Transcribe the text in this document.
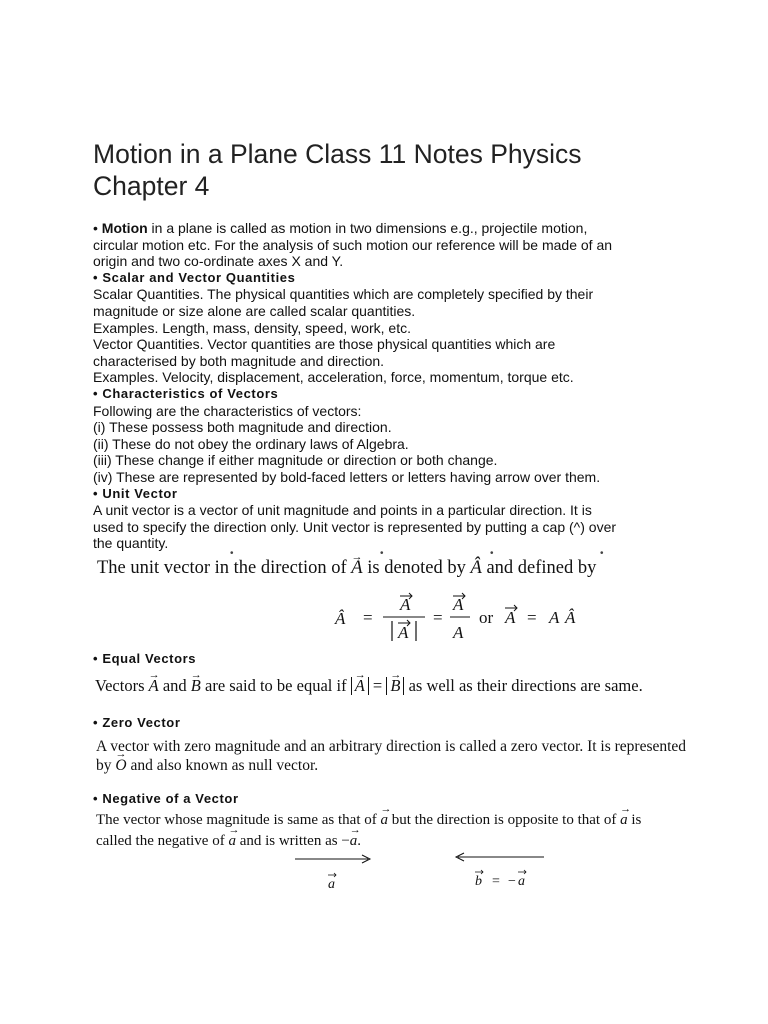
Motion in a Plane Class 11 Notes Physics
Chapter 4

• Motion in a plane is called as motion in two dimensions e.g., projectile motion,
circular motion etc. For the analysis of such motion our reference will be made of an
origin and two co-ordinate axes X and Y.

• Scalar and Vector Quantities

Scalar Quantities. The physical quantities which are completely specified by their
magnitude or size alone are called scalar quantities.
Examples. Length, mass, density, speed, work, etc.
Vector Quantities. Vector quantities are those physical quantities which are
characterised by both magnitude and direction.
Examples. Velocity, displacement, acceleration, force, momentum, torque etc.

• Characteristics of Vectors

Following are the characteristics of vectors:
(i) These possess both magnitude and direction.
(ii) These do not obey the ordinary laws of Algebra.
(iii) These change if either magnitude or direction or both change.
(iv) These are represented by bold-faced letters or letters having arrow over them.

• Unit Vector

A unit vector is a vector of unit magnitude and points in a particular direction. It is
used to specify the direction only. Unit vector is represented by putting a cap (^) over
the quantity.

•	•	•	•
The unit vector in the direction of → A is denoted by Â and defined by
Â =
A
A
=
A
A
or A = A Â

• Equal Vectors

Vectors → A and → B are said to be equal if → A = → B as well as their directions are same.

• Zero Vector

A vector with zero magnitude and an arbitrary direction is called a zero vector. It is represented
by → O and also known as null vector.

• Negative of a Vector

The vector whose magnitude is same as that of → a but the direction is opposite to that of → a is
called the negative of → a and is written as −→ a.
a	b = − a
